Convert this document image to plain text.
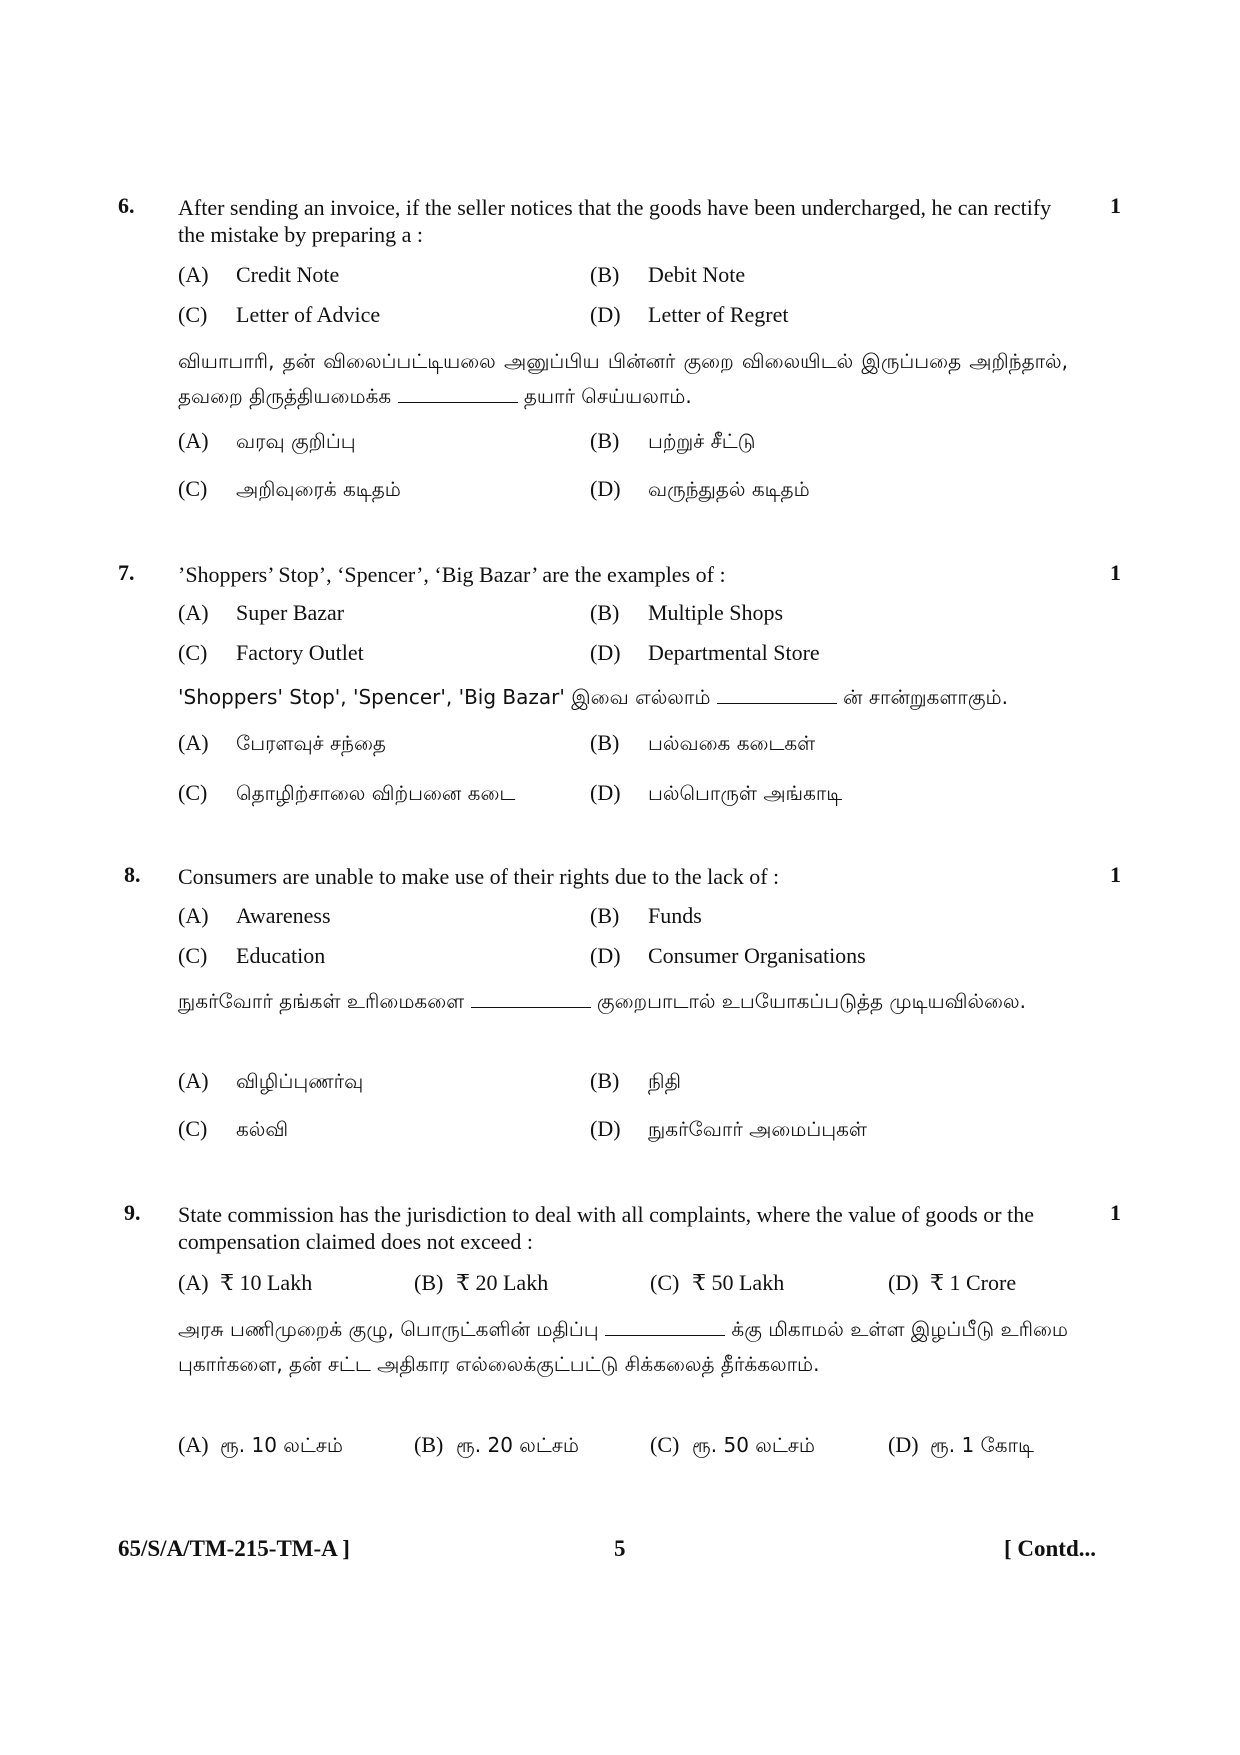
6.	1
After sending an invoice, if the seller notices that the goods have been undercharged, he can rectify the mistake by preparing a :
(A) Credit Note	(B) Debit Note
(C) Letter of Advice	(D) Letter of Regret
வியாபாரி, தன் விலைப்பட்டியலை அனுப்பிய பின்னர் குறை விலையிடல் இருப்பதை அறிந்தால், தவறை திருத்தியமைக்க	தயார் செய்யலாம்.
(A) வரவு குறிப்பு	(B) பற்றுச் சீட்டு
(C) அறிவுரைக் கடிதம்	(D) வருந்துதல் கடிதம்
7.	1
’Shoppers’ Stop’, ‘Spencer’, ‘Big Bazar’ are the examples of :
(A) Super Bazar	(B) Multiple Shops
(C) Factory Outlet	(D) Departmental Store
'Shoppers' Stop', 'Spencer', 'Big Bazar' இவை எல்லாம்	ன் சான்றுகளாகும்.
(A) பேரளவுச் சந்தை	(B) பல்வகை கடைகள்
(C) தொழிற்சாலை விற்பனை கடை	(D) பல்பொருள் அங்காடி
8.	1
Consumers are unable to make use of their rights due to the lack of :
(A) Awareness	(B) Funds
(C) Education	(D) Consumer Organisations
நுகர்வோர் தங்கள் உரிமைகளை	குறைபாடால் உபயோகப்படுத்த முடியவில்லை.
(A) விழிப்புணர்வு	(B) நிதி
(C) கல்வி	(D) நுகர்வோர் அமைப்புகள்
9.	1
State commission has the jurisdiction to deal with all complaints, where the value of goods or the compensation claimed does not exceed :
(A) ₹ 10 Lakh	(B) ₹ 20 Lakh	(C) ₹ 50 Lakh	(D) ₹ 1 Crore
அரசு பணிமுறைக் குழு, பொருட்களின் மதிப்பு	க்கு மிகாமல் உள்ள இழப்பீடு உரிமை புகார்களை, தன் சட்ட அதிகார எல்லைக்குட்பட்டு சிக்கலைத் தீர்க்கலாம்.
(A) ரூ. 10 லட்சம்	(B) ரூ. 20 லட்சம்	(C) ரூ. 50 லட்சம்	(D) ரூ. 1 கோடி
65/S/A/TM-215-TM-A ]	5	[ Contd...
